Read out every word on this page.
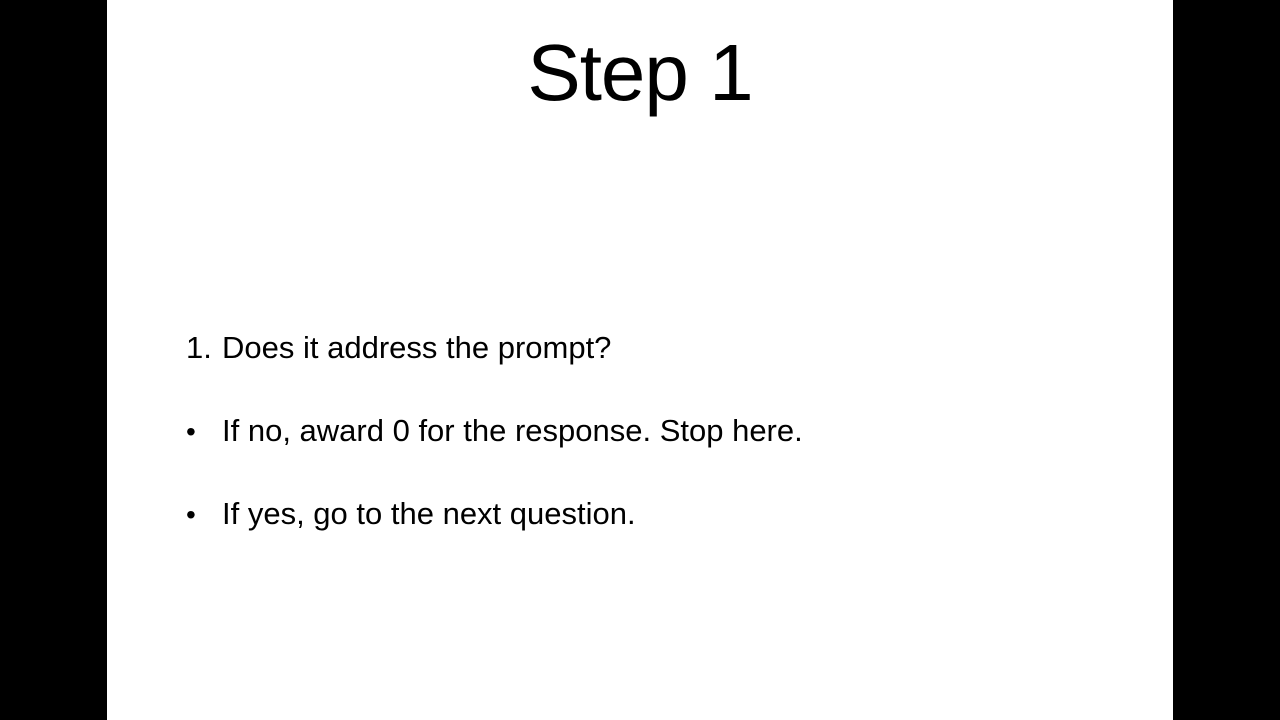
Step 1
1. Does it address the prompt?
• If no, award 0 for the response. Stop here.
• If yes, go to the next question.
